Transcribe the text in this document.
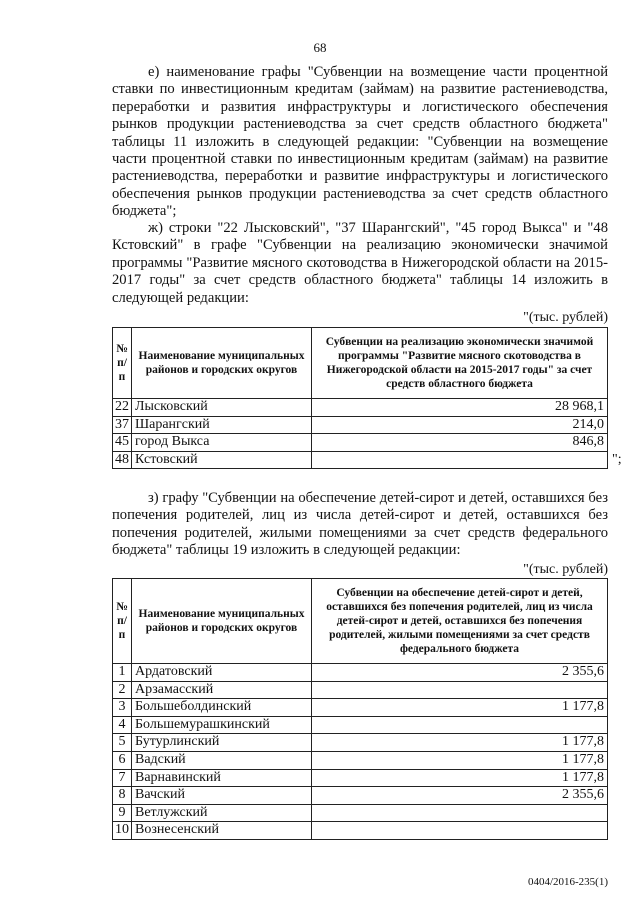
68

е) наименование графы "Субвенции на возмещение части процентной ставки по инвестиционным кредитам (займам) на развитие растениеводства, переработки и развития инфраструктуры и логистического обеспечения рынков продукции растениеводства за счет средств областного бюджета" таблицы 11 изложить в следующей редакции: "Субвенции на возмещение части процентной ставки по инвестиционным кредитам (займам) на развитие растениеводства, переработки и развитие инфраструктуры и логистического обеспечения рынков продукции растениеводства за счет средств областного бюджета";

ж) строки "22 Лысковский", "37 Шарангский", "45 город Выкса" и "48 Кстовский" в графе "Субвенции на реализацию экономически значимой программы "Развитие мясного скотоводства в Нижегородской области на 2015-2017 годы" за счет средств областного бюджета" таблицы 14 изложить в следующей редакции:

"(тыс. рублей)
№ п/п	Наименование муниципальных районов и городских округов	Субвенции на реализацию экономически значимой программы "Развитие мясного скотоводства в Нижегородской области на 2015-2017 годы" за счет средств областного бюджета
22	Лысковский	28 968,1
37	Шарангский	214,0
45	город Выкса	846,8
48	Кстовский		";

з) графу "Субвенции на обеспечение детей-сирот и детей, оставшихся без попечения родителей, лиц из числа детей-сирот и детей, оставшихся без попечения родителей, жилыми помещениями за счет средств федерального бюджета" таблицы 19 изложить в следующей редакции:

"(тыс. рублей)
№ п/п	Наименование муниципальных районов и городских округов	Субвенции на обеспечение детей-сирот и детей, оставшихся без попечения родителей, лиц из числа детей-сирот и детей, оставшихся без попечения родителей, жилыми помещениями за счет средств федерального бюджета
1	Ардатовский	2 355,6
2	Арзамасский	
3	Большеболдинский	1 177,8
4	Большемурашкинский	
5	Бутурлинский	1 177,8
6	Вадский	1 177,8
7	Варнавинский	1 177,8
8	Вачский	2 355,6
9	Ветлужский	
10	Вознесенский	
0404/2016-235(1)
